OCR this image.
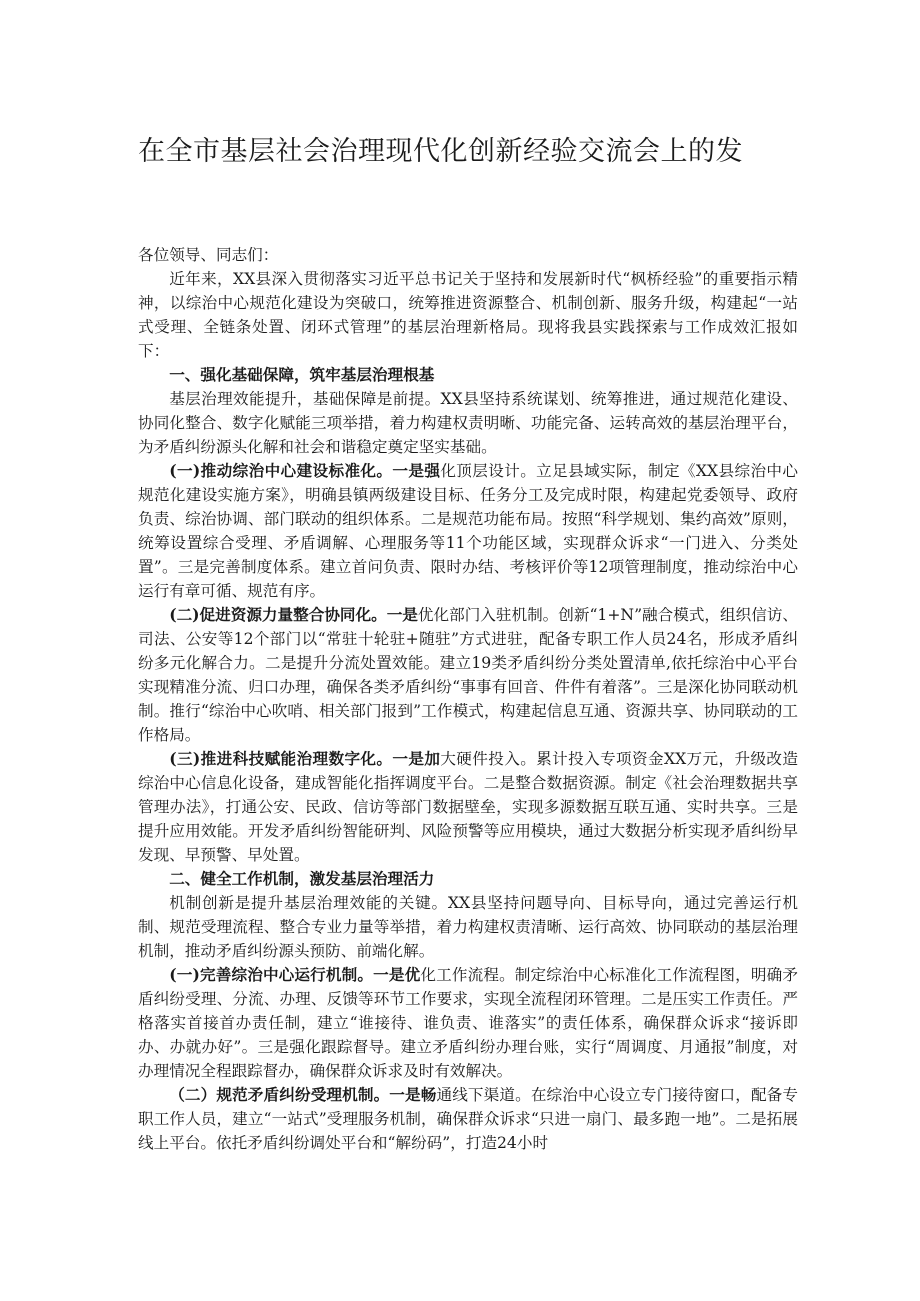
在全市基层社会治理现代化创新经验交流会上的发

各位领导、同志们：

近年来，XX县深入贯彻落实习近平总书记关于坚持和发展新时代“枫桥经验”的重要指示精神，以综治中心规范化建设为突破口，统筹推进资源整合、机制创新、服务升级，构建起“一站式受理、全链条处置、闭环式管理”的基层治理新格局。现将我县实践探索与工作成效汇报如下：

一、强化基础保障，筑牢基层治理根基

基层治理效能提升，基础保障是前提。XX县坚持系统谋划、统筹推进，通过规范化建设、协同化整合、数字化赋能三项举措，着力构建权责明晰、功能完备、运转高效的基层治理平台，为矛盾纠纷源头化解和社会和谐稳定奠定坚实基础。

(一)推动综治中心建设标准化。一是强化顶层设计。立足县域实际，制定《XX县综治中心规范化建设实施方案》，明确县镇两级建设目标、任务分工及完成时限，构建起党委领导、政府负责、综治协调、部门联动的组织体系。二是规范功能布局。按照“科学规划、集约高效”原则，统筹设置综合受理、矛盾调解、心理服务等11个功能区域，实现群众诉求“一门进入、分类处置”。三是完善制度体系。建立首问负责、限时办结、考核评价等12项管理制度，推动综治中心运行有章可循、规范有序。

(二)促进资源力量整合协同化。一是优化部门入驻机制。创新“1+N”融合模式，组织信访、司法、公安等12个部门以“常驻十轮驻+随驻”方式进驻，配备专职工作人员24名，形成矛盾纠纷多元化解合力。二是提升分流处置效能。建立19类矛盾纠纷分类处置清单,依托综治中心平台实现精准分流、归口办理，确保各类矛盾纠纷“事事有回音、件件有着落”。三是深化协同联动机制。推行“综治中心吹哨、相关部门报到”工作模式，构建起信息互通、资源共享、协同联动的工作格局。

(三)推进科技赋能治理数字化。一是加大硬件投入。累计投入专项资金XX万元，升级改造综治中心信息化设备，建成智能化指挥调度平台。二是整合数据资源。制定《社会治理数据共享管理办法》，打通公安、民政、信访等部门数据壁垒，实现多源数据互联互通、实时共享。三是提升应用效能。开发矛盾纠纷智能研判、风险预警等应用模块，通过大数据分析实现矛盾纠纷早发现、早预警、早处置。

二、健全工作机制，激发基层治理活力

机制创新是提升基层治理效能的关键。XX县坚持问题导向、目标导向，通过完善运行机制、规范受理流程、整合专业力量等举措，着力构建权责清晰、运行高效、协同联动的基层治理机制，推动矛盾纠纷源头预防、前端化解。

(一)完善综治中心运行机制。一是优化工作流程。制定综治中心标准化工作流程图，明确矛盾纠纷受理、分流、办理、反馈等环节工作要求，实现全流程闭环管理。二是压实工作责任。严格落实首接首办责任制，建立“谁接待、谁负责、谁落实”的责任体系，确保群众诉求“接诉即办、办就办好”。三是强化跟踪督导。建立矛盾纠纷办理台账，实行“周调度、月通报”制度，对办理情况全程跟踪督办，确保群众诉求及时有效解决。

（二）规范矛盾纠纷受理机制。一是畅通线下渠道。在综治中心设立专门接待窗口，配备专职工作人员，建立“一站式”受理服务机制，确保群众诉求“只进一扇门、最多跑一地”。二是拓展线上平台。依托矛盾纠纷调处平台和“解纷码”，打造24小时
